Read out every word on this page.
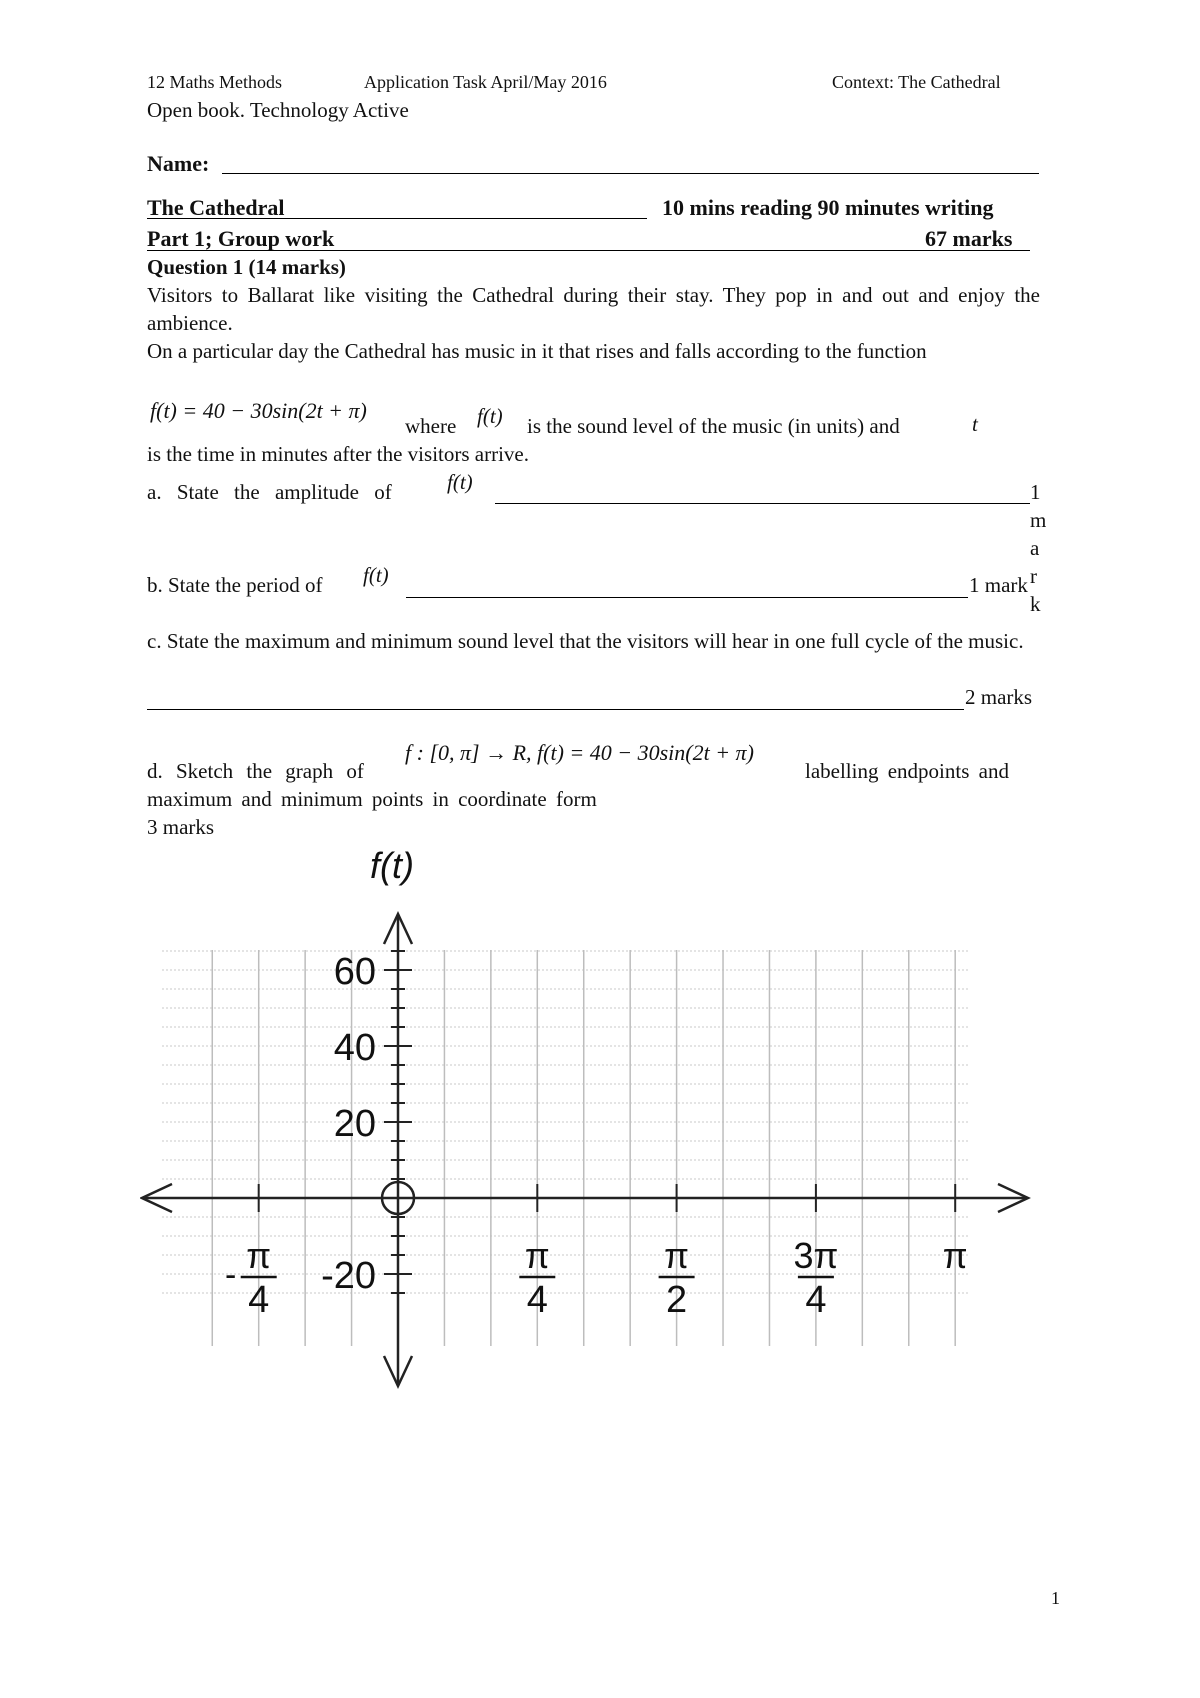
12 Maths Methods	Application Task April/May 2016	Context: The Cathedral
Open book. Technology Active
Name:
The Cathedral	10 mins reading 90 minutes writing
Part 1; Group work	67 marks
Question 1 (14 marks)
Visitors to Ballarat like visiting the Cathedral during their stay. They pop in and out and enjoy the ambience.
On a particular day the Cathedral has music in it that rises and falls according to the function
f(t) = 40 − 30sin(2t + π)
where f(t) is the sound level of the music (in units) and	t
is the time in minutes after the visitors arrive.
a. State the amplitude of	f(t)	1 mark
b. State the period of f(t)	1 mark
c. State the maximum and minimum sound level that the visitors will hear in one full cycle of the music.
2 marks
d. Sketch the graph of
f : [0, π] → R, f(t) = 40 − 30sin(2t + π)
labelling endpoints and maximum and minimum points in coordinate form
3 marks
f(t)
60
40
20
-20
π
4
-	π
4
π
2
3π
4
π
1
